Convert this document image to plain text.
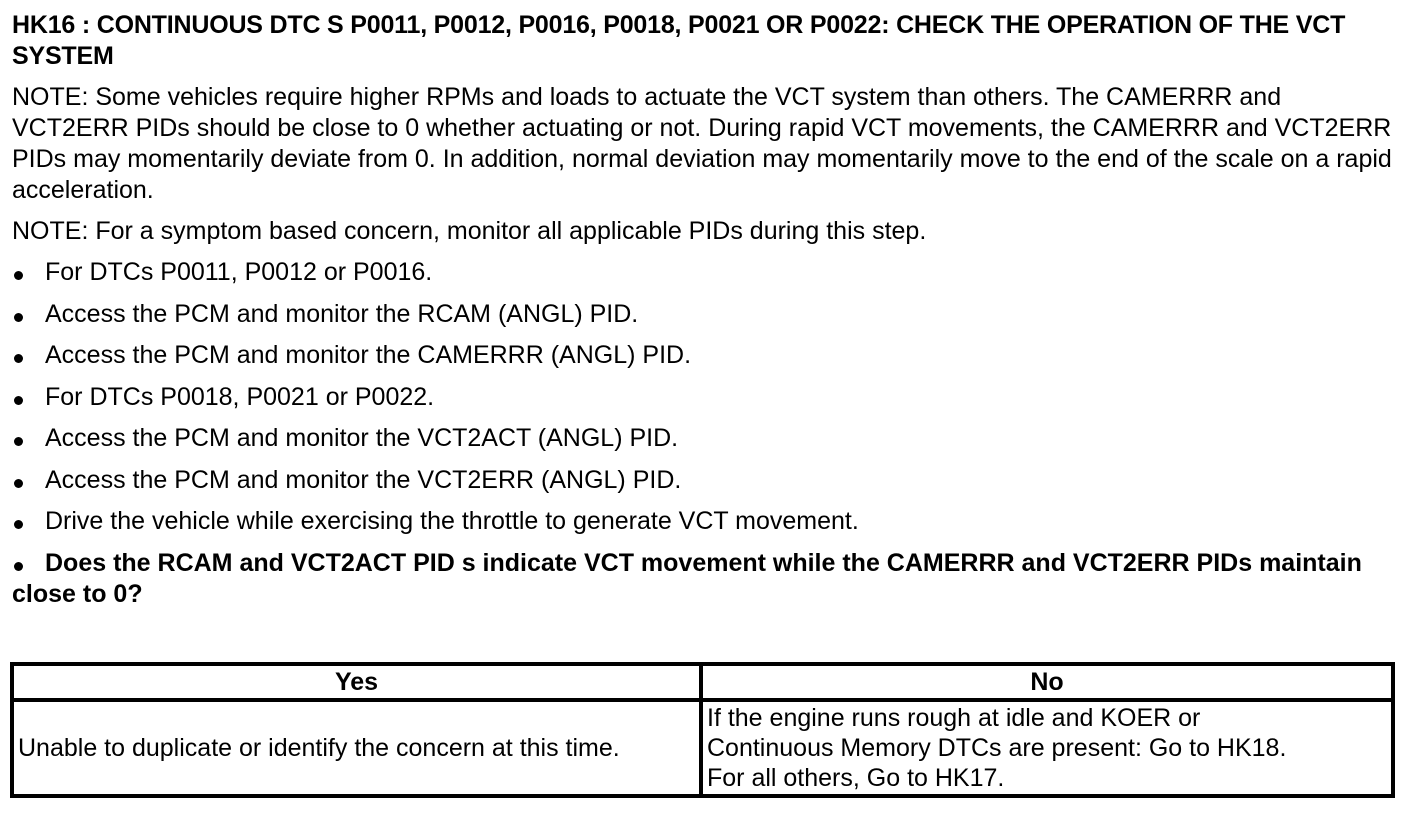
HK16 : CONTINUOUS DTC S P0011, P0012, P0016, P0018, P0021 OR P0022: CHECK THE OPERATION OF THE VCT SYSTEM
NOTE: Some vehicles require higher RPMs and loads to actuate the VCT system than others. The CAMERRR and VCT2ERR PIDs should be close to 0 whether actuating or not. During rapid VCT movements, the CAMERRR and VCT2ERR PIDs may momentarily deviate from 0. In addition, normal deviation may momentarily move to the end of the scale on a rapid acceleration.
NOTE: For a symptom based concern, monitor all applicable PIDs during this step.
For DTCs P0011, P0012 or P0016.
Access the PCM and monitor the RCAM (ANGL) PID.
Access the PCM and monitor the CAMERRR (ANGL) PID.
For DTCs P0018, P0021 or P0022.
Access the PCM and monitor the VCT2ACT (ANGL) PID.
Access the PCM and monitor the VCT2ERR (ANGL) PID.
Drive the vehicle while exercising the throttle to generate VCT movement.
Does the RCAM and VCT2ACT PID s indicate VCT movement while the CAMERRR and VCT2ERR PIDs maintain close to 0?
Yes	No
Unable to duplicate or identify the concern at this time.	If the engine runs rough at idle and KOER or
Continuous Memory DTCs are present: Go to HK18.
For all others, Go to HK17.
